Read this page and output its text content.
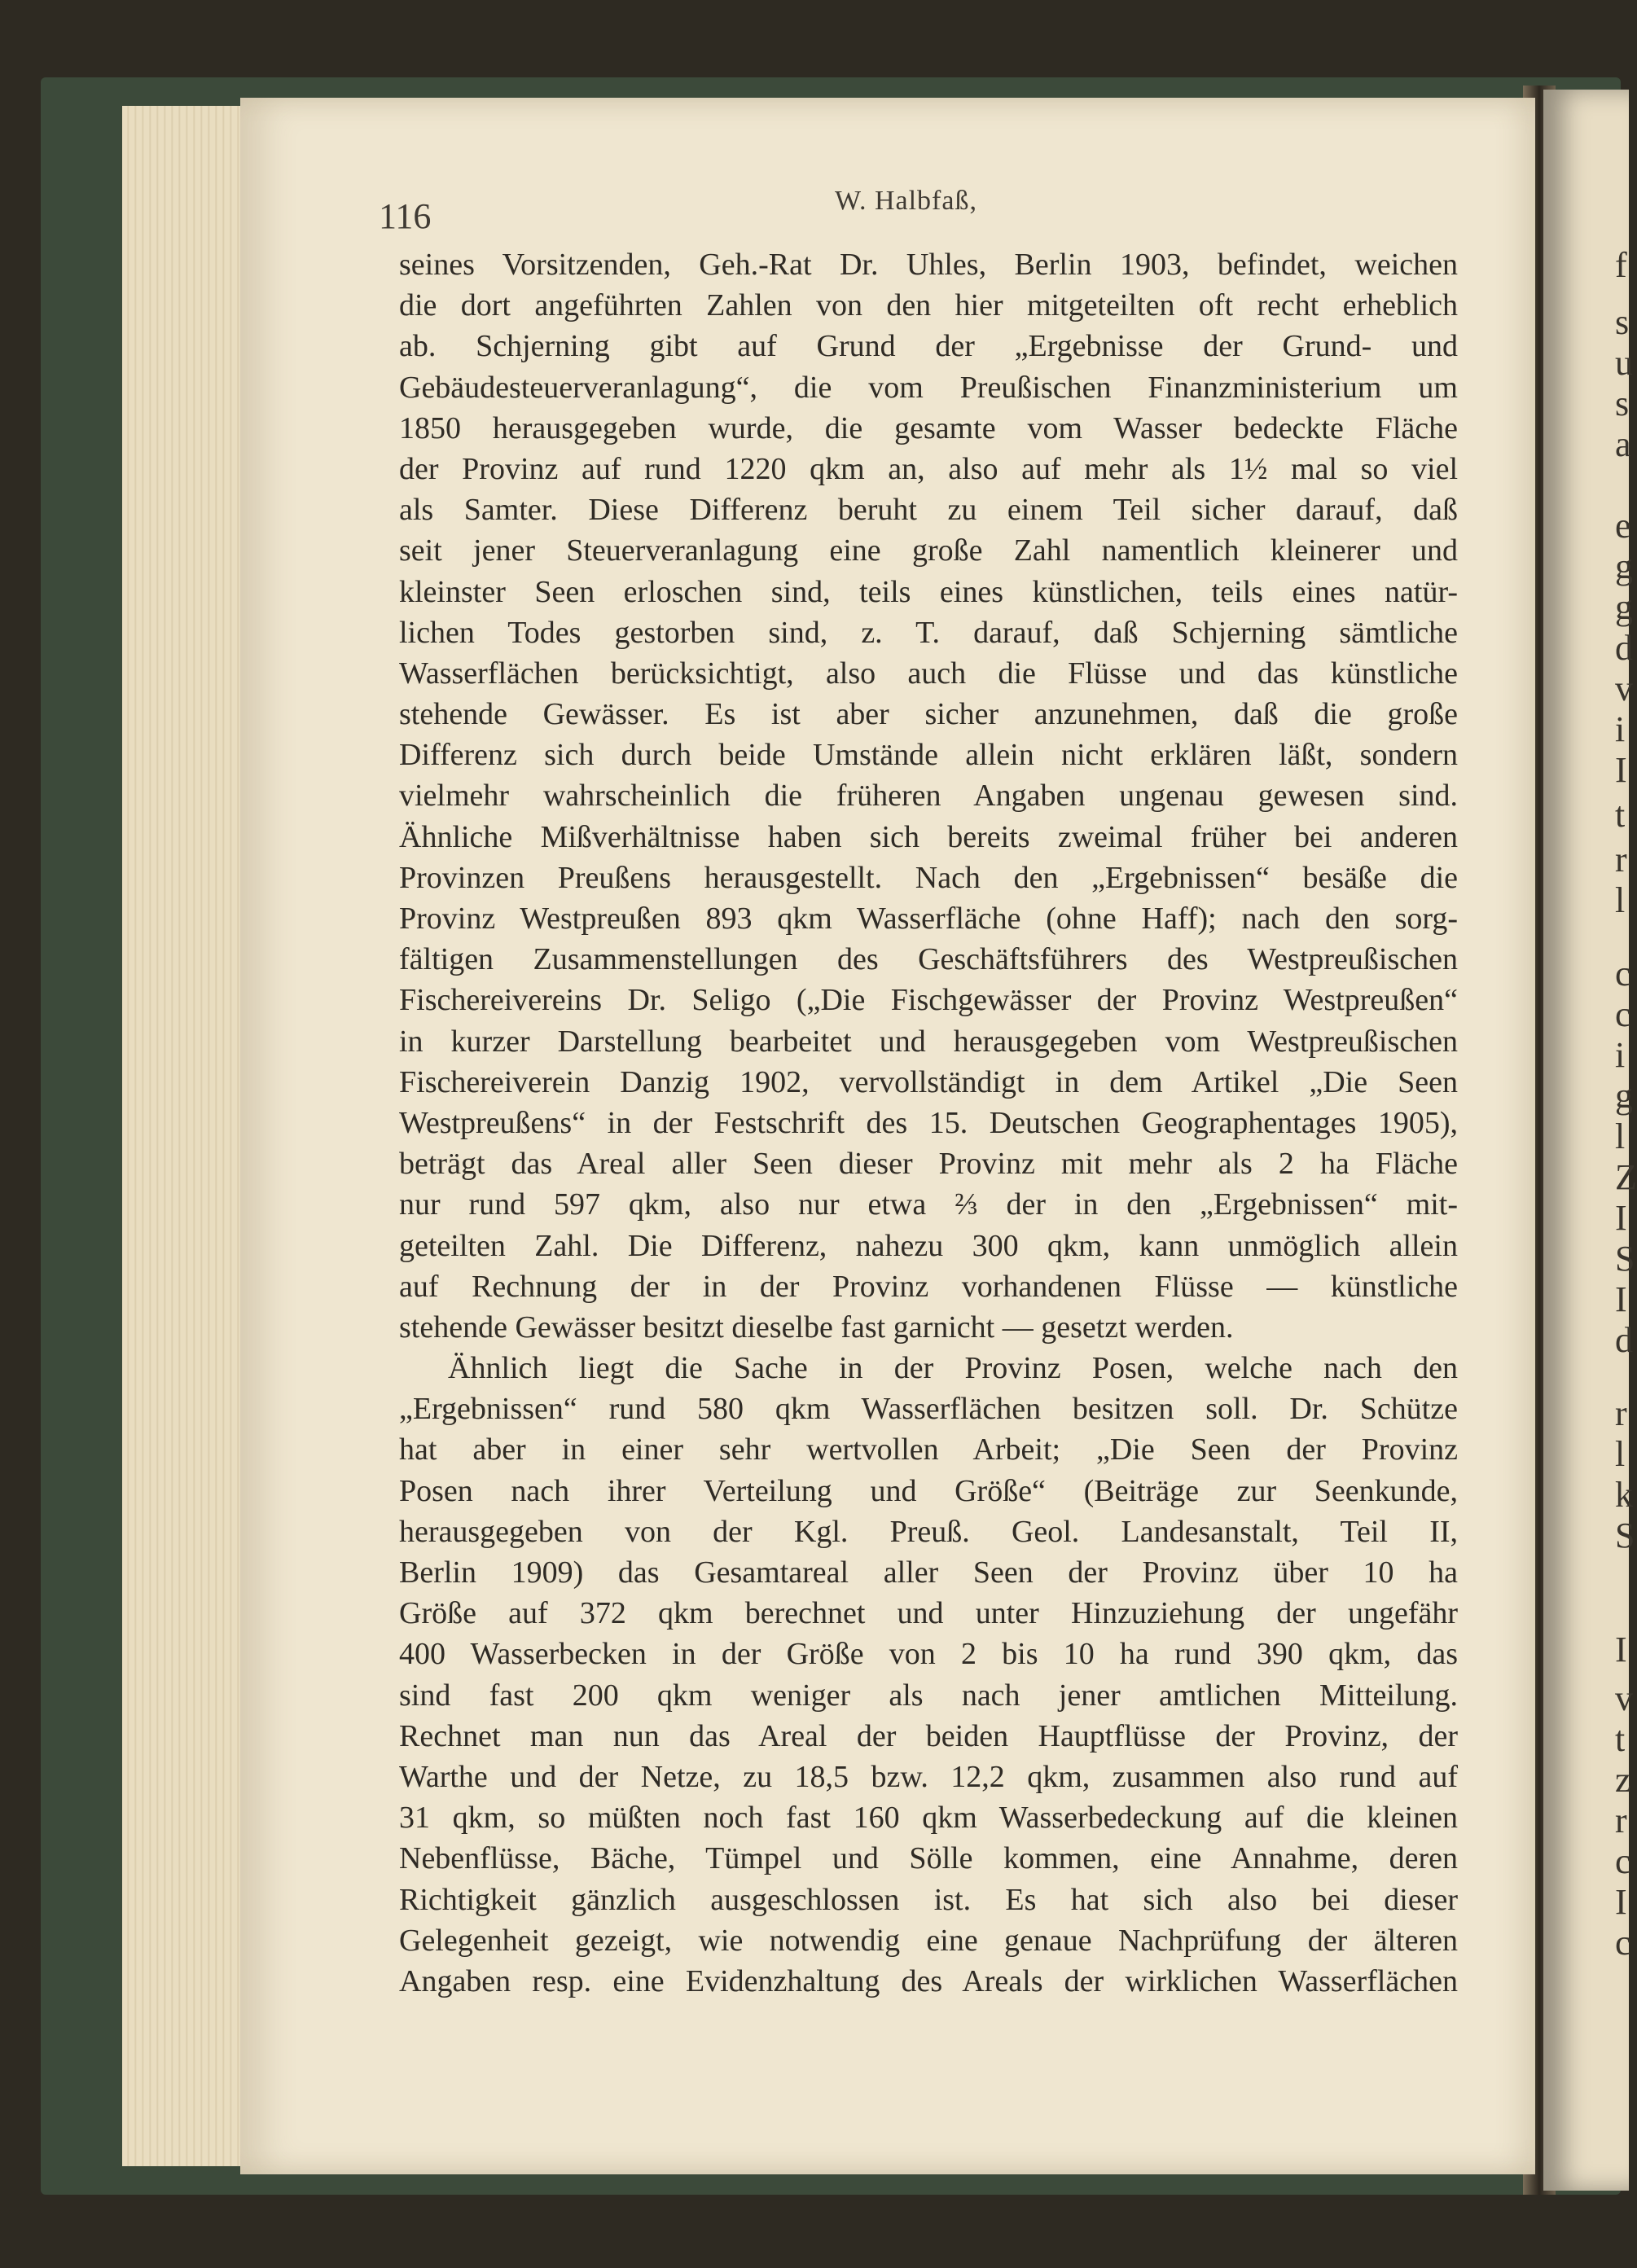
f
s
u
s
a
e
g
g
d
v
i
I
t
r
l
c
c
i
g
l
Z
I
S
I
d
r
l
k
S
I
v
t
z
r
c
I
c
116	W. Halbfaß,
seines Vorsitzenden, Geh.-Rat Dr. Uhles, Berlin 1903, befindet, weichen
die dort angeführten Zahlen von den hier mitgeteilten oft recht erheblich
ab. Schjerning gibt auf Grund der „Ergebnisse der Grund- und
Gebäudesteuerveranlagung“, die vom Preußischen Finanzministerium um
1850 herausgegeben wurde, die gesamte vom Wasser bedeckte Fläche
der Provinz auf rund 1220 qkm an, also auf mehr als 1½ mal so viel
als Samter. Diese Differenz beruht zu einem Teil sicher darauf, daß
seit jener Steuerveranlagung eine große Zahl namentlich kleinerer und
kleinster Seen erloschen sind, teils eines künstlichen, teils eines natür-
lichen Todes gestorben sind, z. T. darauf, daß Schjerning sämtliche
Wasserflächen berücksichtigt, also auch die Flüsse und das künstliche
stehende Gewässer. Es ist aber sicher anzunehmen, daß die große
Differenz sich durch beide Umstände allein nicht erklären läßt, sondern
vielmehr wahrscheinlich die früheren Angaben ungenau gewesen sind.
Ähnliche Mißverhältnisse haben sich bereits zweimal früher bei anderen
Provinzen Preußens herausgestellt. Nach den „Ergebnissen“ besäße die
Provinz Westpreußen 893 qkm Wasserfläche (ohne Haff); nach den sorg-
fältigen Zusammenstellungen des Geschäftsführers des Westpreußischen
Fischereivereins Dr. Seligo („Die Fischgewässer der Provinz Westpreußen“
in kurzer Darstellung bearbeitet und herausgegeben vom Westpreußischen
Fischereiverein Danzig 1902, vervollständigt in dem Artikel „Die Seen
Westpreußens“ in der Festschrift des 15. Deutschen Geographentages 1905),
beträgt das Areal aller Seen dieser Provinz mit mehr als 2 ha Fläche
nur rund 597 qkm, also nur etwa ⅔ der in den „Ergebnissen“ mit-
geteilten Zahl. Die Differenz, nahezu 300 qkm, kann unmöglich allein
auf Rechnung der in der Provinz vorhandenen Flüsse — künstliche
stehende Gewässer besitzt dieselbe fast garnicht — gesetzt werden.
Ähnlich liegt die Sache in der Provinz Posen, welche nach den
„Ergebnissen“ rund 580 qkm Wasserflächen besitzen soll. Dr. Schütze
hat aber in einer sehr wertvollen Arbeit; „Die Seen der Provinz
Posen nach ihrer Verteilung und Größe“ (Beiträge zur Seenkunde,
herausgegeben von der Kgl. Preuß. Geol. Landesanstalt, Teil II,
Berlin 1909) das Gesamtareal aller Seen der Provinz über 10 ha
Größe auf 372 qkm berechnet und unter Hinzuziehung der ungefähr
400 Wasserbecken in der Größe von 2 bis 10 ha rund 390 qkm, das
sind fast 200 qkm weniger als nach jener amtlichen Mitteilung.
Rechnet man nun das Areal der beiden Hauptflüsse der Provinz, der
Warthe und der Netze, zu 18,5 bzw. 12,2 qkm, zusammen also rund auf
31 qkm, so müßten noch fast 160 qkm Wasserbedeckung auf die kleinen
Nebenflüsse, Bäche, Tümpel und Sölle kommen, eine Annahme, deren
Richtigkeit gänzlich ausgeschlossen ist. Es hat sich also bei dieser
Gelegenheit gezeigt, wie notwendig eine genaue Nachprüfung der älteren
Angaben resp. eine Evidenzhaltung des Areals der wirklichen Wasserflächen
